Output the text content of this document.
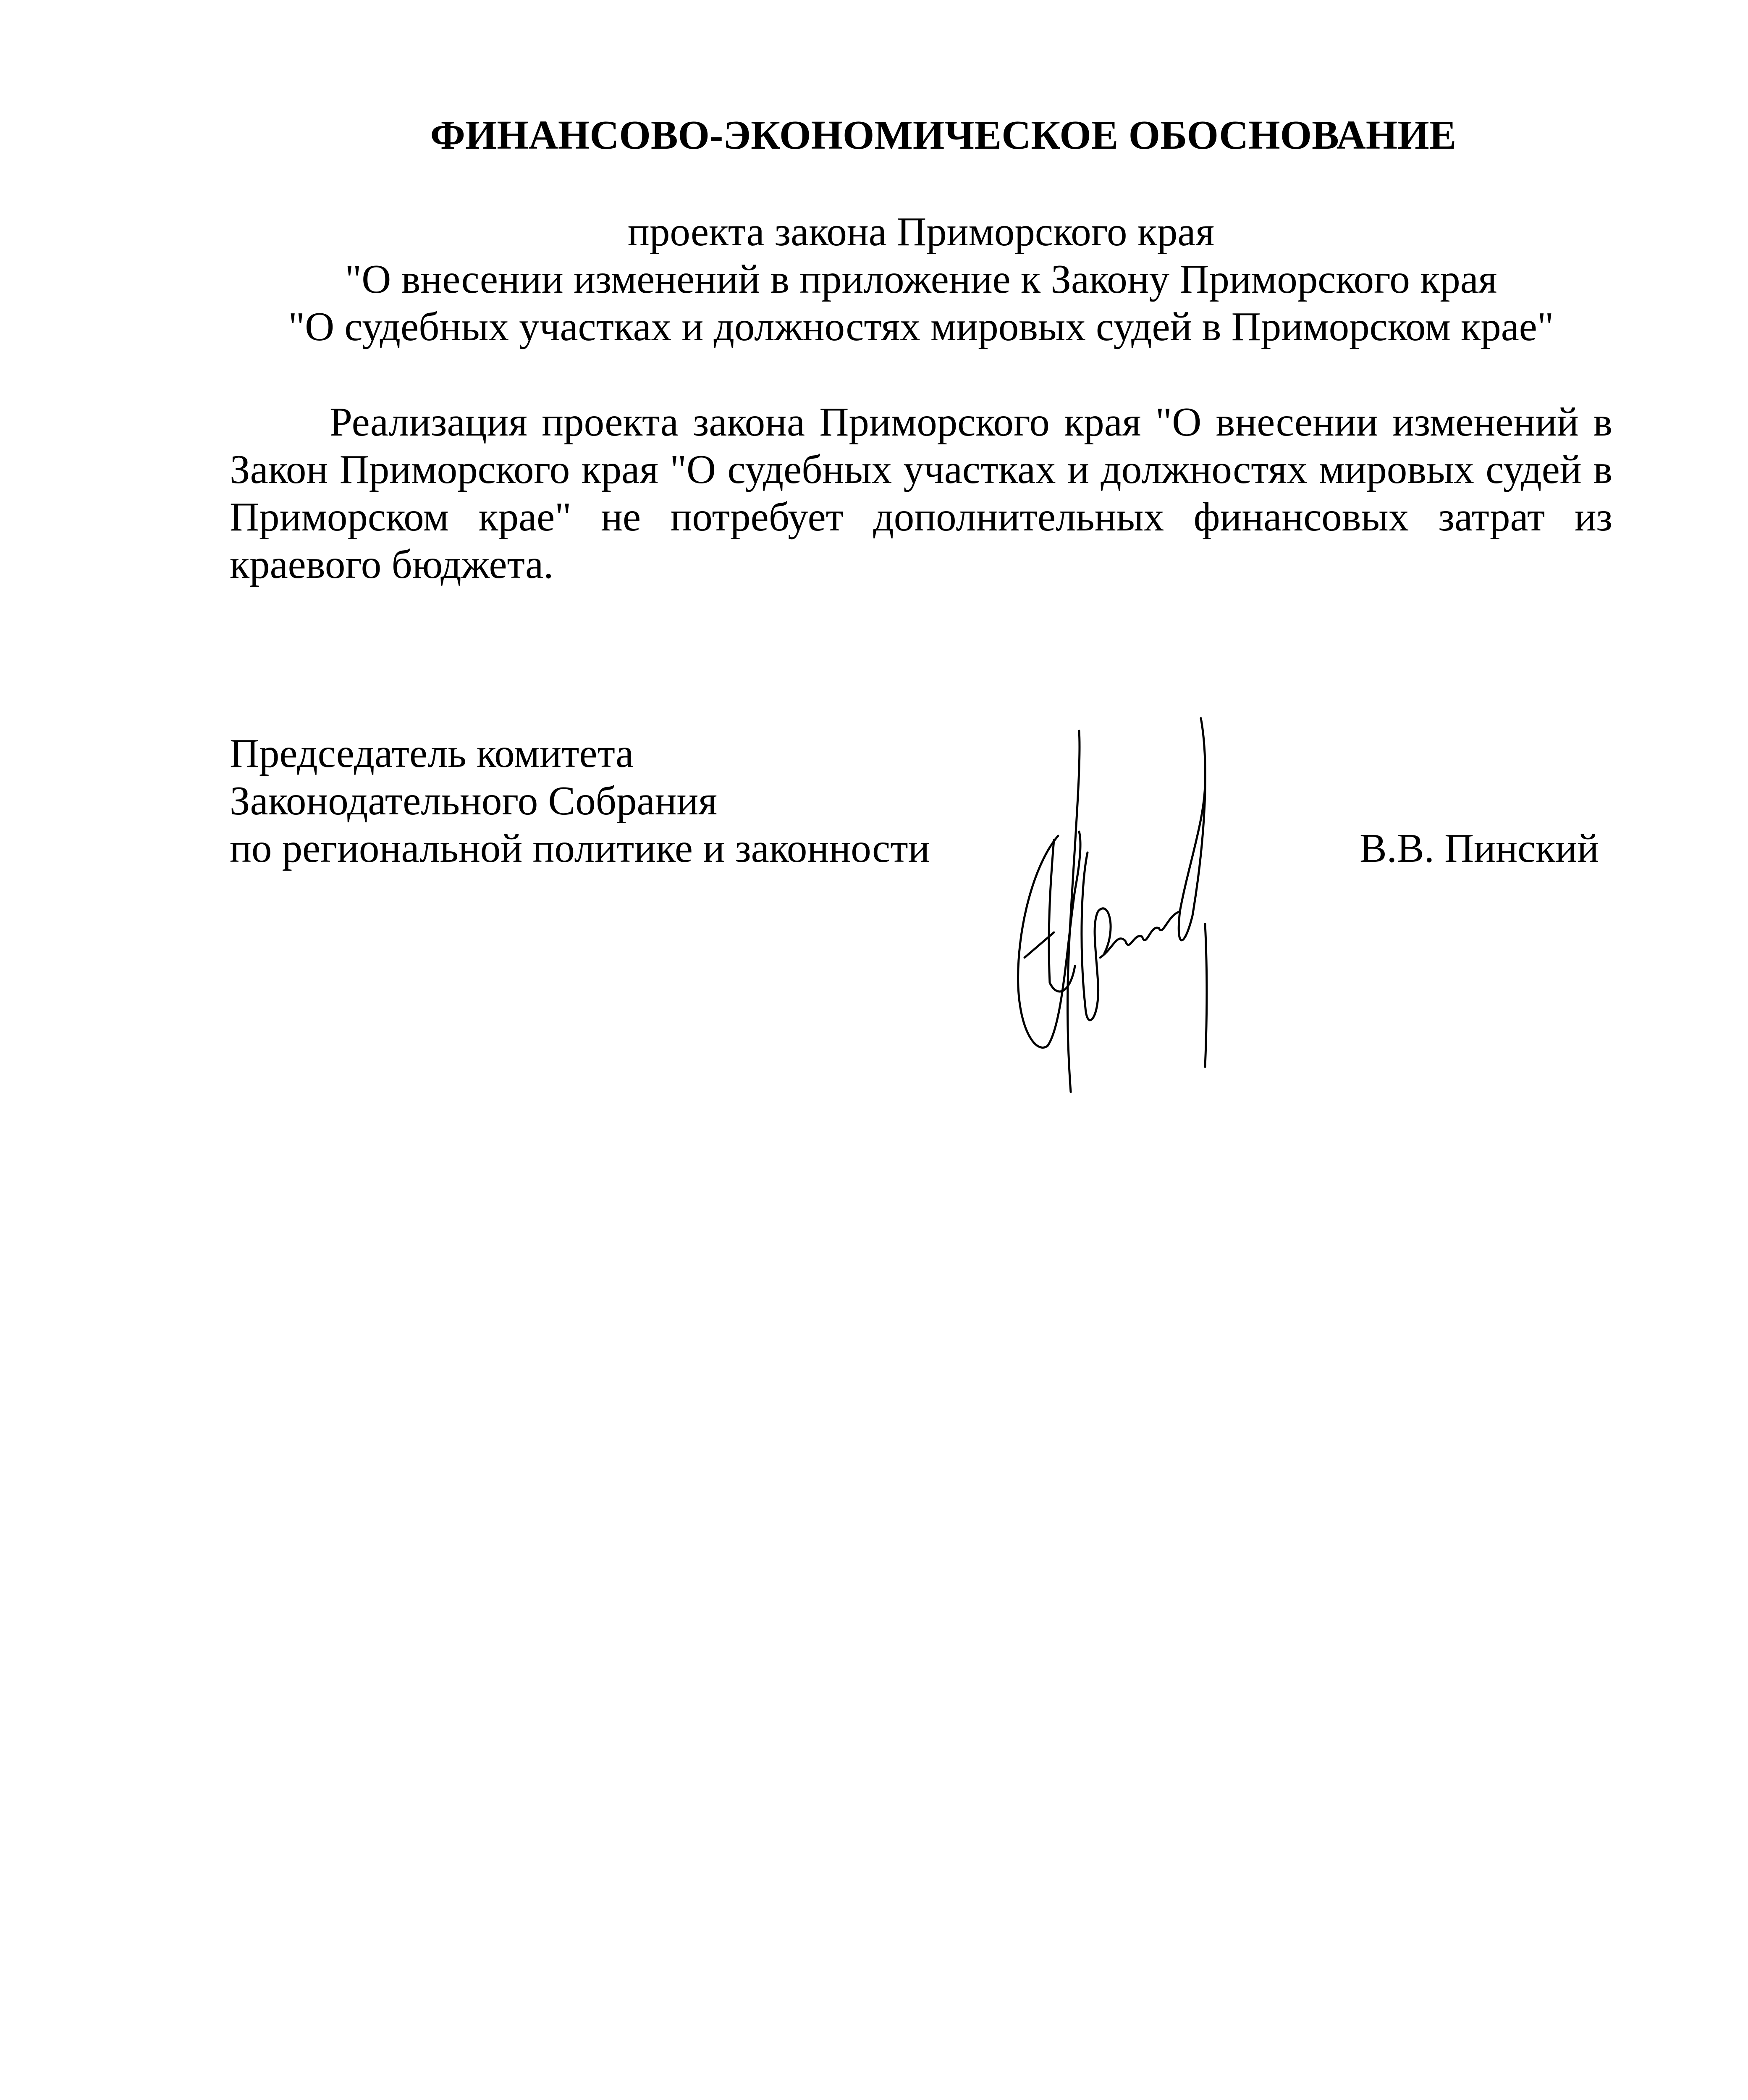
ФИНАНСОВО-ЭКОНОМИЧЕСКОЕ ОБОСНОВАНИЕ
проекта закона Приморского края
"О внесении изменений в приложение к Закону Приморского края
"О судебных участках и должностях мировых судей в Приморском крае"
Реализация проекта закона Приморского края "О внесении изменений в Закон Приморского края "О судебных участках и должностях мировых судей в Приморском крае" не потребует дополнительных финансовых затрат из краевого бюджета.
Председатель комитета
Законодательного Собрания
по региональной политике и законности	В.В. Пинский
